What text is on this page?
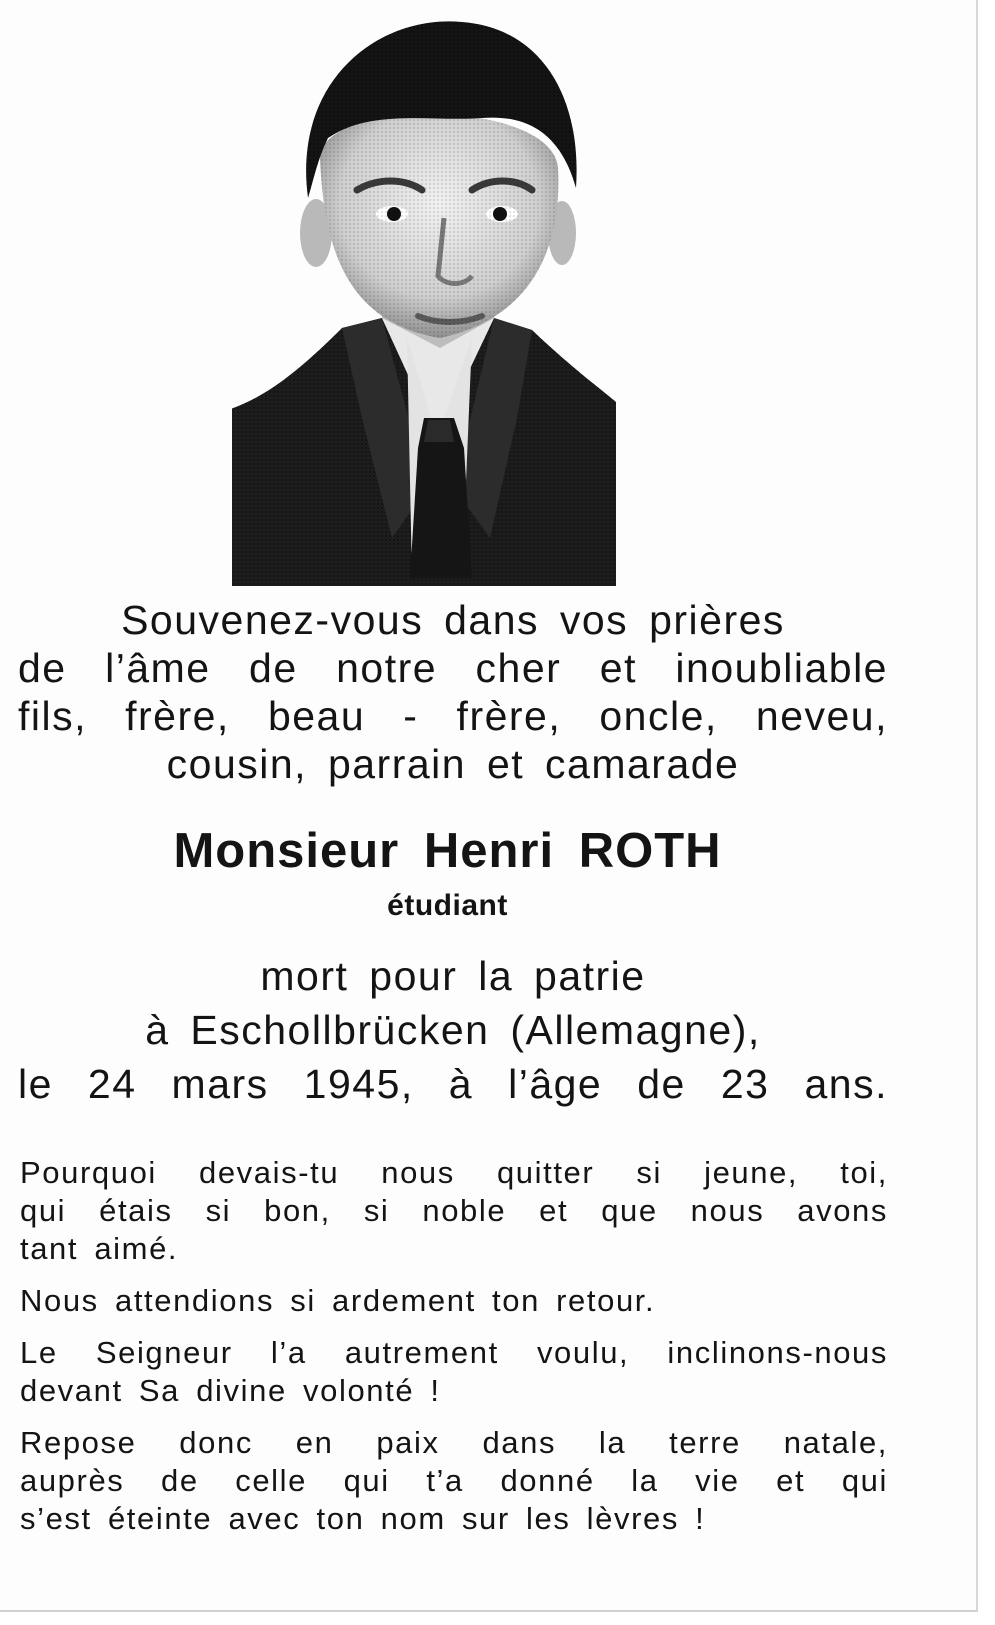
Souvenez-vous dans vos prières
de l’âme de notre cher et inoubliable
fils, frère, beau - frère, oncle, neveu,
cousin, parrain et camarade
Monsieur Henri ROTH
étudiant
mort pour la patrie
à Eschollbrücken (Allemagne),
le 24 mars 1945, à l’âge de 23 ans.

Pourquoi devais-tu nous quitter si jeune, toi,
qui étais si bon, si noble et que nous avons
tant aimé.

Nous attendions si ardement ton retour.

Le Seigneur l’a autrement voulu, inclinons-nous
devant Sa divine volonté !

Repose donc en paix dans la terre natale,
auprès de celle qui t’a donné la vie et qui
s’est éteinte avec ton nom sur les lèvres !
